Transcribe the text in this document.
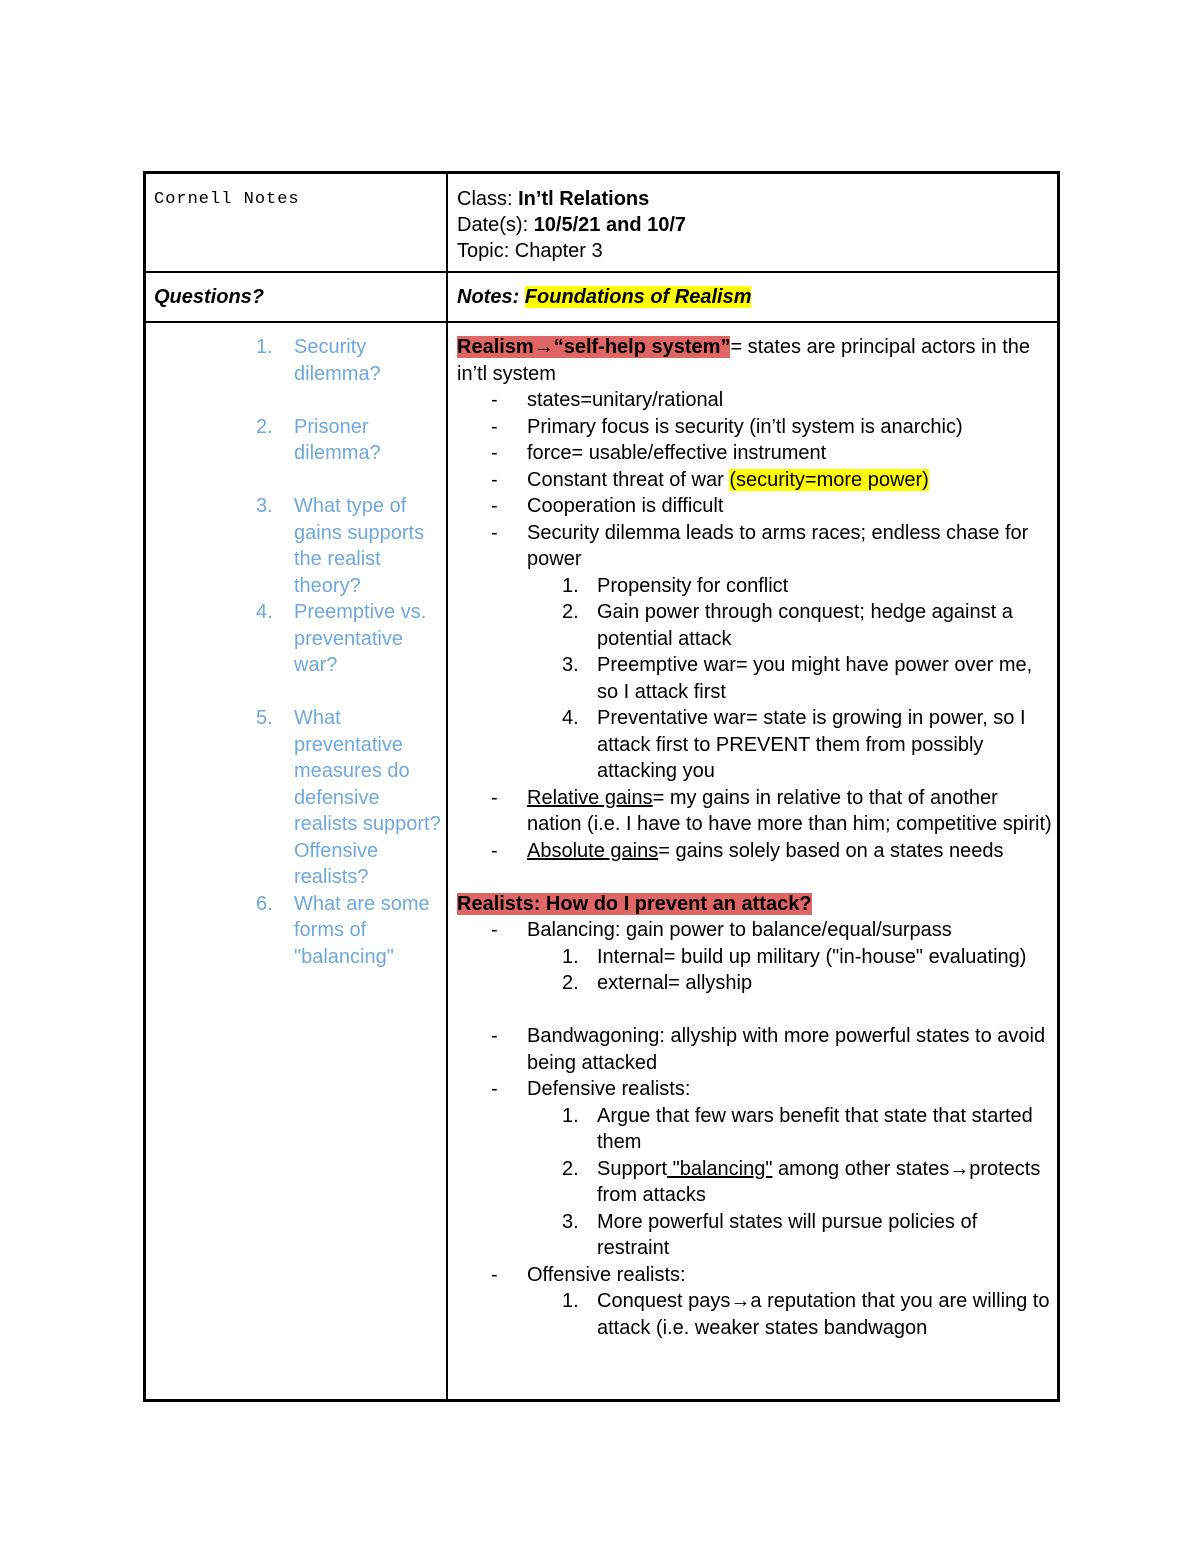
Cornell Notes	Class: In’tl Relations
Date(s): 10/5/21 and 10/7
Topic: Chapter 3
Questions?	Notes: Foundations of Realism
1. Security dilemma?
2. Prisoner dilemma?
3. What type of gains supports the realist theory?
4. Preemptive vs. preventative war?
5. What preventative measures do defensive realists support? Offensive realists?
6. What are some forms of "balancing"
Realism→“self-help system”= states are principal actors in the in’tl system
- states=unitary/rational
- Primary focus is security (in’tl system is anarchic)
- force= usable/effective instrument
- Constant threat of war (security=more power)
- Cooperation is difficult
- Security dilemma leads to arms races; endless chase for power
1. Propensity for conflict
2. Gain power through conquest; hedge against a potential attack
3. Preemptive war= you might have power over me, so I attack first
4. Preventative war= state is growing in power, so I attack first to PREVENT them from possibly attacking you
- Relative gains= my gains in relative to that of another nation (i.e. I have to have more than him; competitive spirit)
- Absolute gains= gains solely based on a states needs
Realists: How do I prevent an attack?
- Balancing: gain power to balance/equal/surpass
1. Internal= build up military ("in-house" evaluating)
2. external= allyship
- Bandwagoning: allyship with more powerful states to avoid being attacked
- Defensive realists:
1. Argue that few wars benefit that state that started them
2. Support "balancing" among other states→protects from attacks
3. More powerful states will pursue policies of restraint
- Offensive realists:
1. Conquest pays→a reputation that you are willing to attack (i.e. weaker states bandwagon
